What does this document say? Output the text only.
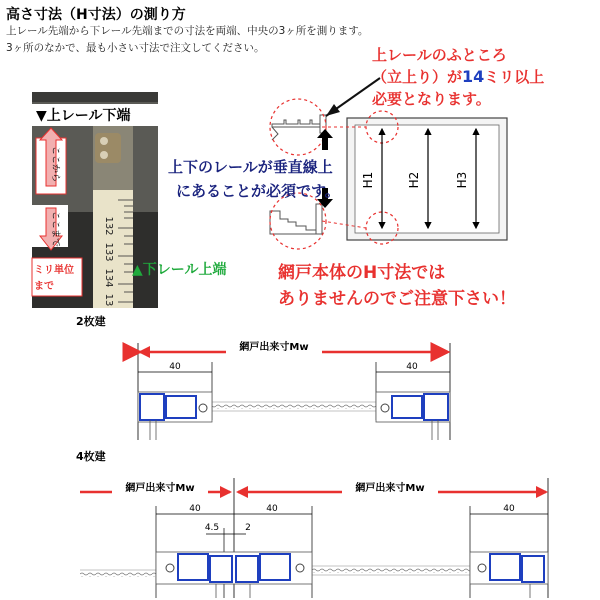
高さ寸法（H寸法）の測り方
上レール先端から下レール先端までの寸法を両端、中央の3ヶ所を測ります。
3ヶ所のなかで、最も小さい寸法で注文してください。
132
133
134
13
▼上レール下端
ここから
ここまで
ミリ単位
まで
▲下レール上端
H1	H2	H3
上レールのふところ
（立上り）が14ミリ以上
必要となります。
上下のレールが垂直線上
にあることが必須です。
網戸本体のH寸法では
ありませんのでご注意下さい！
2枚建
網戸出来寸Mw
40	40
4枚建
網戸出来寸Mw	網戸出来寸Mw
40	40	40
4.5	2
